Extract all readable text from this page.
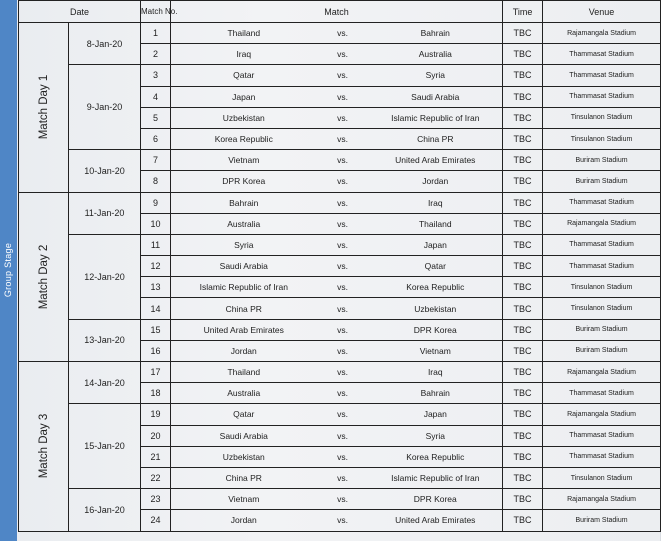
Group Stage
Date		Match No.	Match			Time	Venue

Match Day 1	8-Jan-20	1	Thailand	vs.	Bahrain	TBC	Rajamangala Stadium
		2	Iraq	vs.	Australia	TBC	Thammasat Stadium
	9-Jan-20	3	Qatar	vs.	Syria	TBC	Thammasat Stadium
		4	Japan	vs.	Saudi Arabia	TBC	Thammasat Stadium
		5	Uzbekistan	vs.	Islamic Republic of Iran	TBC	Tinsulanon Stadium
		6	Korea Republic	vs.	China PR	TBC	Tinsulanon Stadium
	10-Jan-20	7	Vietnam	vs.	United Arab Emirates	TBC	Buriram Stadium
		8	DPR Korea	vs.	Jordan	TBC	Buriram Stadium

Match Day 2	11-Jan-20	9	Bahrain	vs.	Iraq	TBC	Thammasat Stadium
		10	Australia	vs.	Thailand	TBC	Rajamangala Stadium
	12-Jan-20	11	Syria	vs.	Japan	TBC	Thammasat Stadium
		12	Saudi Arabia	vs.	Qatar	TBC	Thammasat Stadium
		13	Islamic Republic of Iran	vs.	Korea Republic	TBC	Tinsulanon Stadium
		14	China PR	vs.	Uzbekistan	TBC	Tinsulanon Stadium
	13-Jan-20	15	United Arab Emirates	vs.	DPR Korea	TBC	Buriram Stadium
		16	Jordan	vs.	Vietnam	TBC	Buriram Stadium

Match Day 3	14-Jan-20	17	Thailand	vs.	Iraq	TBC	Rajamangala Stadium
		18	Australia	vs.	Bahrain	TBC	Thammasat Stadium
	15-Jan-20	19	Qatar	vs.	Japan	TBC	Rajamangala Stadium
		20	Saudi Arabia	vs.	Syria	TBC	Thammasat Stadium
		21	Uzbekistan	vs.	Korea Republic	TBC	Thammasat Stadium
		22	China PR	vs.	Islamic Republic of Iran	TBC	Tinsulanon Stadium
	16-Jan-20	23	Vietnam	vs.	DPR Korea	TBC	Rajamangala Stadium
		24	Jordan	vs.	United Arab Emirates	TBC	Buriram Stadium
